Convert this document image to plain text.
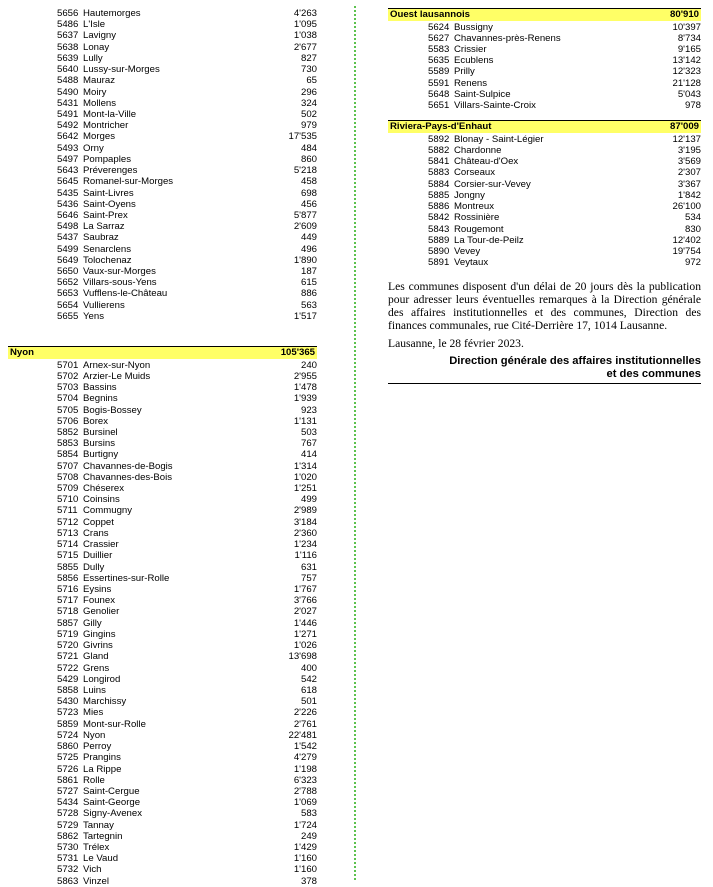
5656 Hautemorges	4'263
5486 L'Isle	1'095
5637 Lavigny	1'038
5638 Lonay	2'677
5639 Lully	827
5640 Lussy-sur-Morges	730
5488 Mauraz	65
5490 Moiry	296
5431 Mollens	324
5491 Mont-la-Ville	502
5492 Montricher	979
5642 Morges	17'535
5493 Orny	484
5497 Pompaples	860
5643 Préverenges	5'218
5645 Romanel-sur-Morges	458
5435 Saint-Livres	698
5436 Saint-Oyens	456
5646 Saint-Prex	5'877
5498 La Sarraz	2'609
5437 Saubraz	449
5499 Senarclens	496
5649 Tolochenaz	1'890
5650 Vaux-sur-Morges	187
5652 Villars-sous-Yens	615
5653 Vufflens-le-Château	886
5654 Vullierens	563
5655 Yens	1'517
Nyon	105'365
5701 Arnex-sur-Nyon	240
5702 Arzier-Le Muids	2'955
5703 Bassins	1'478
5704 Begnins	1'939
5705 Bogis-Bossey	923
5706 Borex	1'131
5852 Bursinel	503
5853 Bursins	767
5854 Burtigny	414
5707 Chavannes-de-Bogis	1'314
5708 Chavannes-des-Bois	1'020
5709 Chéserex	1'251
5710 Coinsins	499
5711 Commugny	2'989
5712 Coppet	3'184
5713 Crans	2'360
5714 Crassier	1'234
5715 Duillier	1'116
5855 Dully	631
5856 Essertines-sur-Rolle	757
5716 Eysins	1'767
5717 Founex	3'766
5718 Genolier	2'027
5857 Gilly	1'446
5719 Gingins	1'271
5720 Givrins	1'026
5721 Gland	13'698
5722 Grens	400
5429 Longirod	542
5858 Luins	618
5430 Marchissy	501
5723 Mies	2'226
5859 Mont-sur-Rolle	2'761
5724 Nyon	22'481
5860 Perroy	1'542
5725 Prangins	4'279
5726 La Rippe	1'198
5861 Rolle	6'323
5727 Saint-Cergue	2'788
5434 Saint-George	1'069
5728 Signy-Avenex	583
5729 Tannay	1'724
5862 Tartegnin	249
5730 Trélex	1'429
5731 Le Vaud	1'160
5732 Vich	1'160
5863 Vinzel	378
Ouest lausannois	80'910
5624 Bussigny	10'397
5627 Chavannes-près-Renens	8'734
5583 Crissier	9'165
5635 Ecublens	13'142
5589 Prilly	12'323
5591 Renens	21'128
5648 Saint-Sulpice	5'043
5651 Villars-Sainte-Croix	978
Riviera-Pays-d'Enhaut	87'009
5892 Blonay - Saint-Légier	12'137
5882 Chardonne	3'195
5841 Château-d'Oex	3'569
5883 Corseaux	2'307
5884 Corsier-sur-Vevey	3'367
5885 Jongny	1'842
5886 Montreux	26'100
5842 Rossinière	534
5843 Rougemont	830
5889 La Tour-de-Peilz	12'402
5890 Vevey	19'754
5891 Veytaux	972
Les communes disposent d'un délai de 20 jours dès la publication pour adresser leurs éventuelles remarques à la Direction générale des affaires institutionnelles et des communes, Direction des finances communales, rue Cité-Derrière 17, 1014 Lausanne.
Lausanne, le 28 février 2023.
Direction générale des affaires institutionnelles
et des communes
